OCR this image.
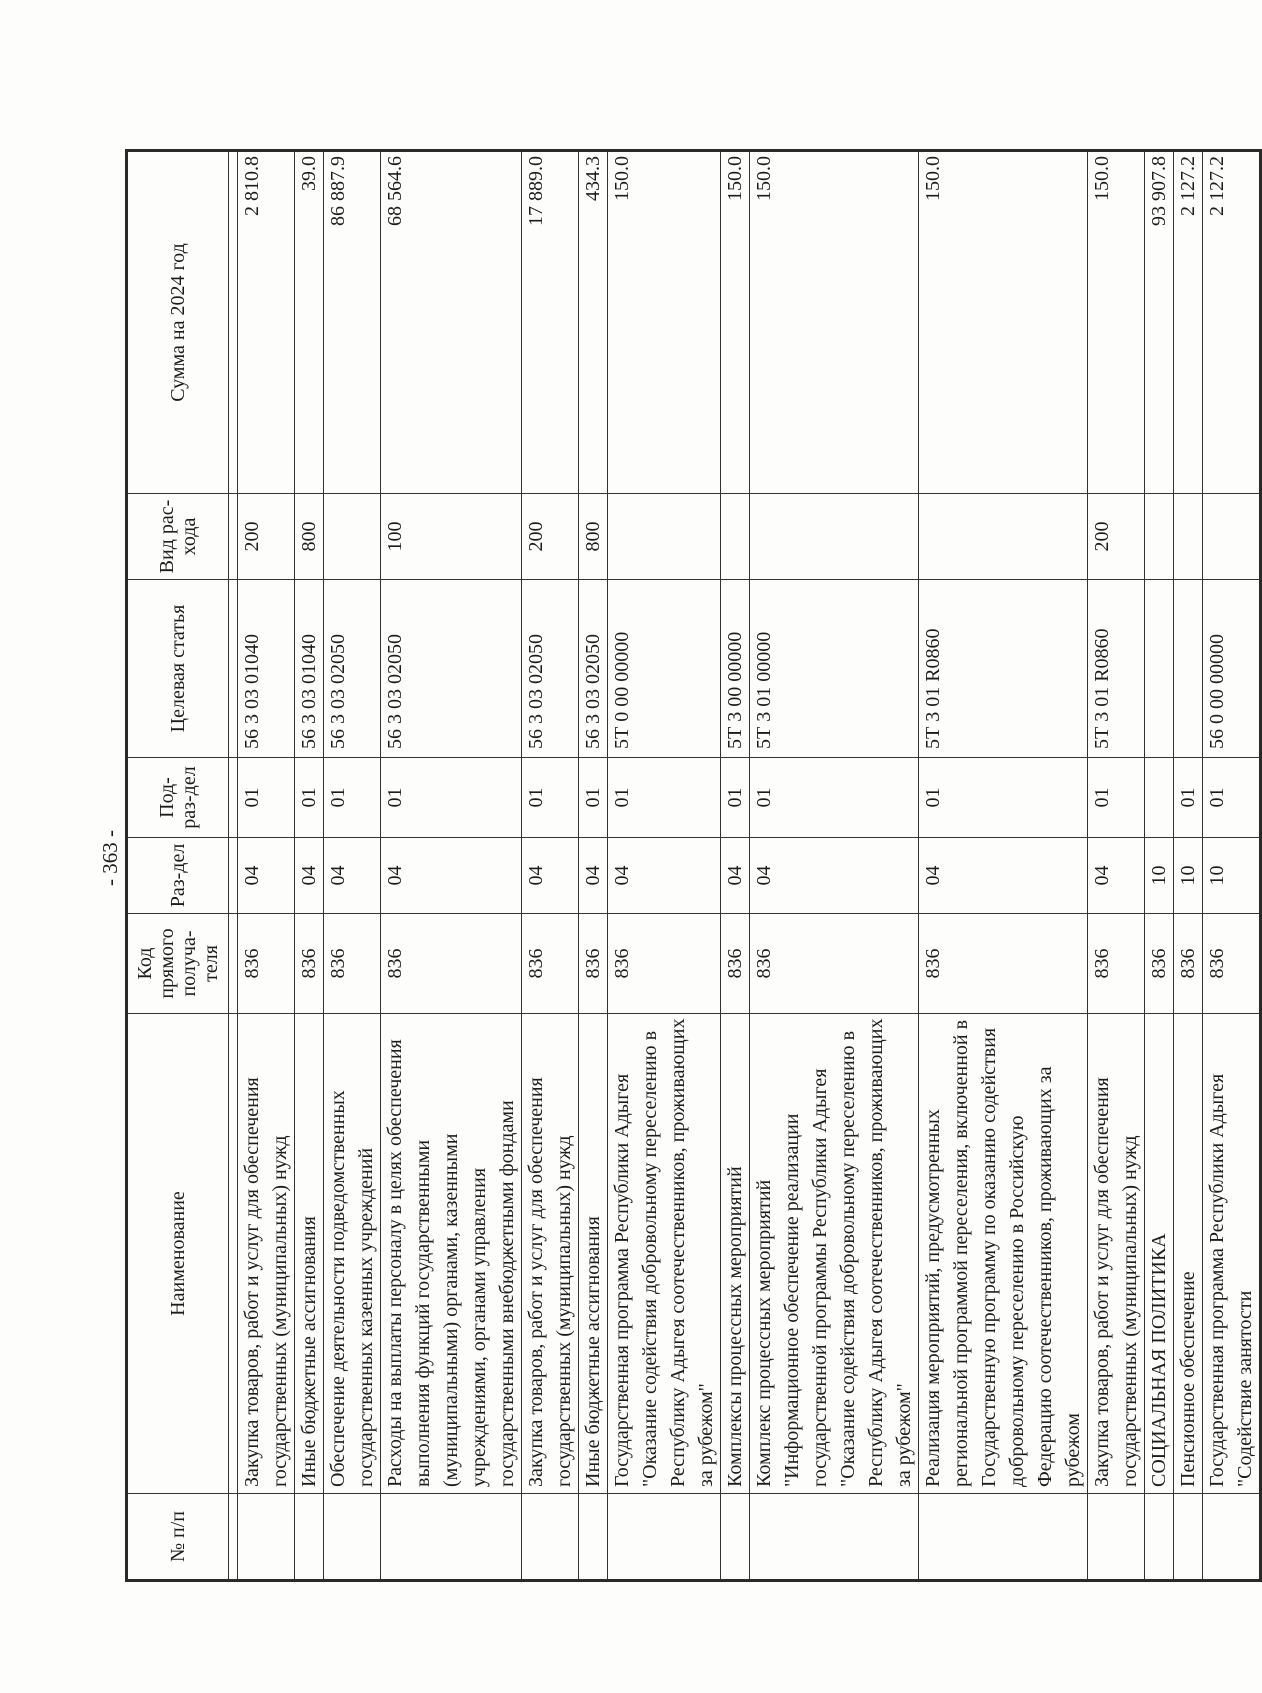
- 363 -
№ п/п	Наименование	Код прямого получа-теля	Раз-дел	Под-раз-дел	Целевая статья	Вид рас-хода	Сумма на 2024 год

	Закупка товаров, работ и услуг для обеспечения государственных (муниципальных) нужд	836	04	01	56 3 03 01040	200	2 810.8
	Иные бюджетные ассигнования	836	04	01	56 3 03 01040	800	39.0
	Обеспечение деятельности подведомственных государственных казенных учреждений	836	04	01	56 3 03 02050		86 887.9
	Расходы на выплаты персоналу в целях обеспечения выполнения функций государственными (муниципальными) органами, казенными учреждениями, органами управления государственными внебюджетными фондами	836	04	01	56 3 03 02050	100	68 564.6
	Закупка товаров, работ и услуг для обеспечения государственных (муниципальных) нужд	836	04	01	56 3 03 02050	200	17 889.0
	Иные бюджетные ассигнования	836	04	01	56 3 03 02050	800	434.3
	Государственная программа Республики Адыгея "Оказание содействия добровольному переселению в Республику Адыгея соотечественников, проживающих за рубежом"	836	04	01	5Т 0 00 00000		150.0
	Комплексы процессных мероприятий	836	04	01	5Т 3 00 00000		150.0
	Комплекс процессных мероприятий "Информационное обеспечение реализации государственной программы Республики Адыгея "Оказание содействия добровольному переселению в Республику Адыгея соотечественников, проживающих за рубежом"	836	04	01	5Т 3 01 00000		150.0
	Реализация мероприятий, предусмотренных региональной программой переселения, включенной в Государственную программу по оказанию содействия добровольному переселению в Российскую Федерацию соотечественников, проживающих за рубежом	836	04	01	5Т 3 01 R0860		150.0
	Закупка товаров, работ и услуг для обеспечения государственных (муниципальных) нужд	836	04	01	5Т 3 01 R0860	200	150.0
	СОЦИАЛЬНАЯ ПОЛИТИКА	836	10				93 907.8
	Пенсионное обеспечение	836	10	01			2 127.2
	Государственная программа Республики Адыгея "Содействие занятости	836	10	01	56 0 00 00000		2 127.2
